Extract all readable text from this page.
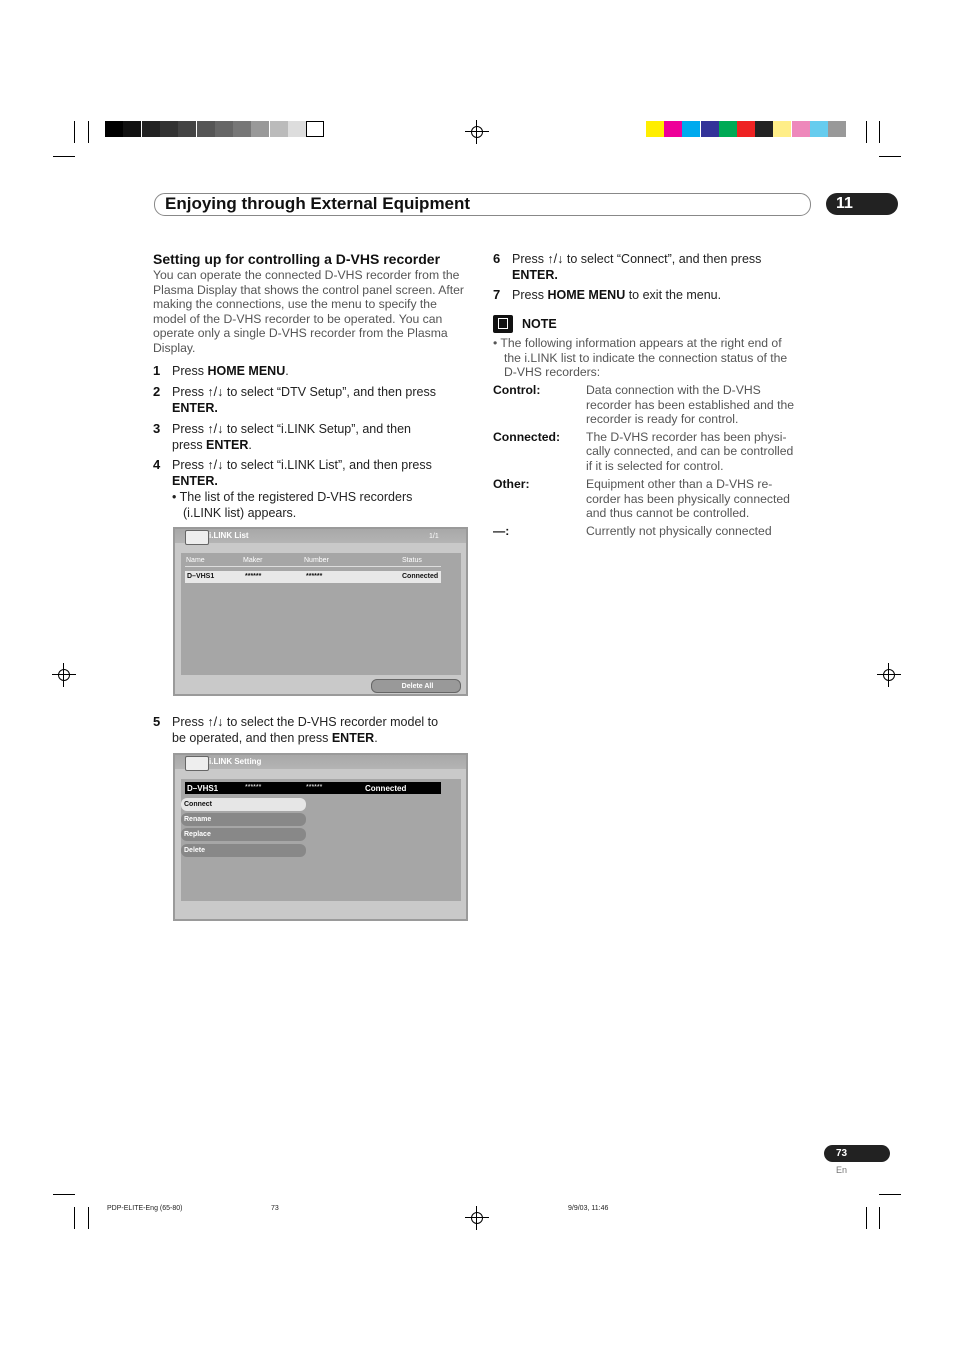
Enjoying through External Equipment	11
Setting up for controlling a D-VHS recorder
You can operate the connected D-VHS recorder from the Plasma Display that shows the control panel screen. After making the connections, use the menu to specify the model of the D-VHS recorder to be operated. You can operate only a single D-VHS recorder from the Plasma Display.
1 Press HOME MENU.
2 Press ↑/↓ to select “DTV Setup”, and then press
ENTER.
3 Press ↑/↓ to select “i.LINK Setup”, and then
press ENTER.
4 Press ↑/↓ to select “i.LINK List”, and then press
ENTER.
• The list of the registered D-VHS recorders
(i.LINK list) appears.
i.LINK List	1/1
Name	Maker	Number	Status
D–VHS1	******	******	Connected
Delete All
5 Press ↑/↓ to select the D-VHS recorder model to
be operated, and then press ENTER.
i.LINK Setting
D–VHS1	******	******	Connected
Connect
Rename
Replace
Delete
6 Press ↑/↓ to select “Connect”, and then press
ENTER.
7 Press HOME MENU to exit the menu.
NOTE
• The following information appears at the right end of
the i.LINK list to indicate the connection status of the
D-VHS recorders:
Control:	Data connection with the D-VHS
recorder has been established and the
recorder is ready for control.
Connected: The D-VHS recorder has been physi-
cally connected, and can be controlled
if it is selected for control.
Other:	Equipment other than a D-VHS re-
corder has been physically connected
and thus cannot be controlled.
—:	Currently not physically connected
73
En
PDP-ELITE-Eng (65-80)	73	9/9/03, 11:46
